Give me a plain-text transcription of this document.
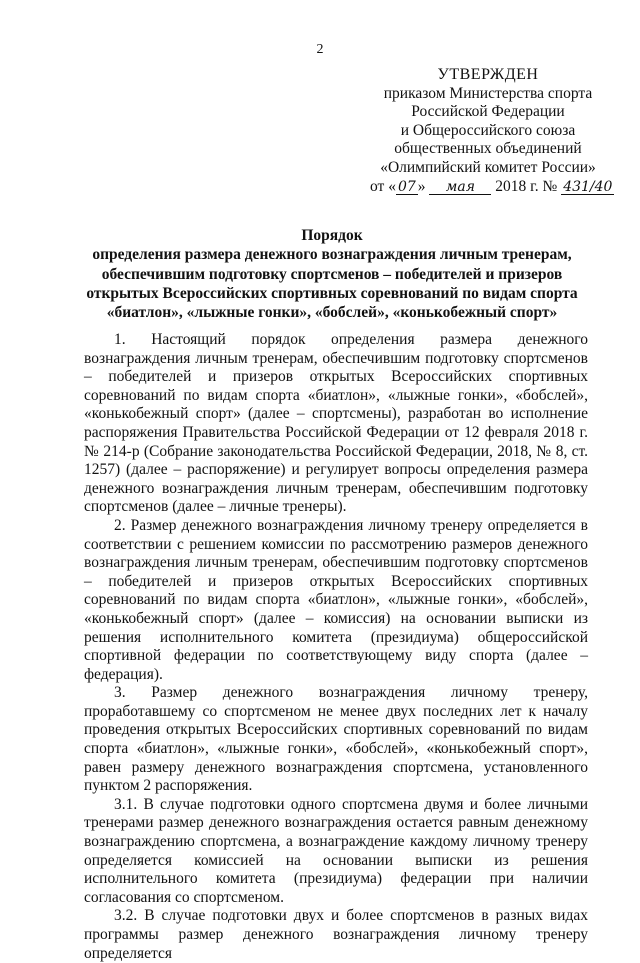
2
УТВЕРЖДЕН
приказом Министерства спорта
Российской Федерации
и Общероссийского союза
общественных объединений
«Олимпийский комитет России»
от « 07 » мая 2018 г. № 431/40
Порядок
определения размера денежного вознаграждения личным тренерам, обеспечившим подготовку спортсменов – победителей и призеров открытых Всероссийских спортивных соревнований по видам спорта «биатлон», «лыжные гонки», «бобслей», «конькобежный спорт»

1. Настоящий порядок определения размера денежного вознаграждения личным тренерам, обеспечившим подготовку спортсменов – победителей и призеров открытых Всероссийских спортивных соревнований по видам спорта «биатлон», «лыжные гонки», «бобслей», «конькобежный спорт» (далее – спортсмены), разработан во исполнение распоряжения Правительства Российской Федерации от 12 февраля 2018 г. № 214-р (Собрание законодательства Российской Федерации, 2018, № 8, ст. 1257) (далее – распоряжение) и регулирует вопросы определения размера денежного вознаграждения личным тренерам, обеспечившим подготовку спортсменов (далее – личные тренеры).

2. Размер денежного вознаграждения личному тренеру определяется в соответствии с решением комиссии по рассмотрению размеров денежного вознаграждения личным тренерам, обеспечившим подготовку спортсменов – победителей и призеров открытых Всероссийских спортивных соревнований по видам спорта «биатлон», «лыжные гонки», «бобслей», «конькобежный спорт» (далее – комиссия) на основании выписки из решения исполнительного комитета (президиума) общероссийской спортивной федерации по соответствующему виду спорта (далее – федерация).

3. Размер денежного вознаграждения личному тренеру, проработавшему со спортсменом не менее двух последних лет к началу проведения открытых Всероссийских спортивных соревнований по видам спорта «биатлон», «лыжные гонки», «бобслей», «конькобежный спорт», равен размеру денежного вознаграждения спортсмена, установленного пунктом 2 распоряжения.

3.1. В случае подготовки одного спортсмена двумя и более личными тренерами размер денежного вознаграждения остается равным денежному вознаграждению спортсмена, а вознаграждение каждому личному тренеру определяется комиссией на основании выписки из решения исполнительного комитета (президиума) федерации при наличии согласования со спортсменом.

3.2. В случае подготовки двух и более спортсменов в разных видах программы размер денежного вознаграждения личному тренеру определяется
